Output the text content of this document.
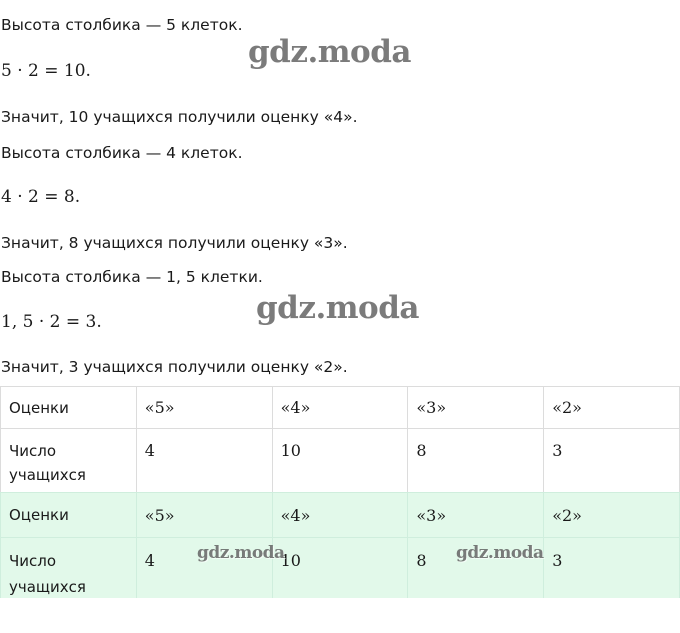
Высота столбика — 5 клеток.
5 · 2 = 10.
Значит, 10 учащихся получили оценку «4».
Высота столбика — 4 клеток.
4 · 2 = 8.
Значит, 8 учащихся получили оценку «3».
Высота столбика — 1, 5 клетки.
1, 5 · 2 = 3.
Значит, 3 учащихся получили оценку «2».
Оценки	«5»	«4»	«3»	«2»
Число учащихся	4	10	8	3
Оценки	«5»	«4»	«3»	«2»
Число учащихся	4	10	8	3
gdz.moda
gdz.moda
gdz.moda	gdz.moda
